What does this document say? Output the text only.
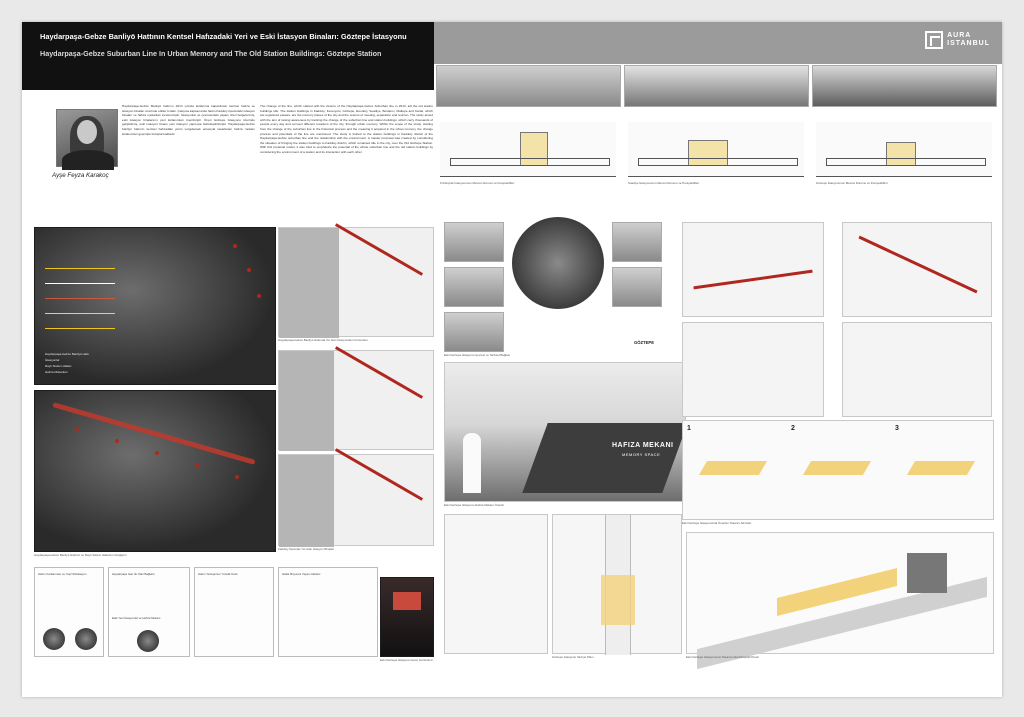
Haydarpaşa-Gebze Banliyö Hattının Kentsel Hafızadaki Yeri ve Eski İstasyon Binaları: Göztepe İstasyonu
Haydarpaşa-Gebze Suburban Line In Urban Memory and The Old Station Buildings: Göztepe Station
AURA
ISTANBUL
Ayşe Feyza Karakoç
Haydarpaşa-Gebze Banliyö hattının 2013 yılında kullanıma kapatılması kentsel hafıza ve istasyon binaları üzerinde etkiler bıraktı. Çalışma kapsamında hattın Kadıköy ilçesindeki istasyon binaları ve hafıza mekanları incelenmiştir. İstasyonlar ve çevresindeki yaşam izleri belgelenmiş, eski istasyon binalarının yeni kullanımları önerilmiştir. Öneri Göztepe İstasyonu üzerinde geliştirilmiş, eski istasyon binası yeni istasyon yapısıyla bütünleştirilmiştir. Haydarpaşa-Gebze banliyö hattının kentsel hafızadaki yerini vurgulamak amacıyla tasarlanan hafıza mekanı kullanıcıları geçmişle buluşturmaktadır.
The change of the line, which started with the closure of the Haydarpaşa-Gebze Suburban line in 2013, left the old station buildings idle. The station buildings in Kadıköy, Feneryolu, Göztepe, Erenköy, Suadiye, Bostancı, Maltepe and Kartal, which are registered estates, are the memory places of the city and the scenes of meeting, separation and reunion. The study aimed with the aim of raising awareness by tracking the change of the suburban line and station buildings, which carry thousands of people every day and connect different locations of the city, through urban memory. Within the scope of the study, starting from the change of the suburban line in the historical process and the meaning it acquired in the urban memory, the change process and potentials of the line are mentioned. The study is limited to the station buildings in Kadıköy district of the Haydarpaşa-Gebze suburban line and the relationship with the environment. A master proposal was created by considering the situation of bringing the station buildings to Kadıköy district, which remained idle in the city, over the Old Göztepe Station. With this proposal model, it was tried to emphasize the potential of the whole suburban line and the old station buildings by considering the environment of a station and its interaction with each other.
Kızıltoprak İstasyonunun Mevcut Durumu ve Perspektifleri	Suadiye İstasyonunun Mevcut Durumu ve Perspektifleri	Göztepe İstasyonunun Mevcut Durumu ve Perspektifleri
Haydarpaşa-Gebze Banliyö Hattı
İstasyonlar
Raylı Sistem Hatları
Hafıza Mekanları
Haydarpaşa-Gebze Banliyö Hattının ve Raylı Sistem Hatlarının Değişimi
Haydarpaşa-Gebze Banliyö Hattında Yer Alan İstasyonların Konumları
Kadıköy İlçesinde Yer Alan İstasyon Binaları
Hattın Canlanması ve Yeşil Sirkülasyon	Haydarpaşa Garı İle Olan Bağlantı
Eski-Yeni İstasyonlar ve Hafıza Mekanı
Hattın Yerleşimine Yönelik Kesit	Hatlar Boyunca Yaşam Alanları
Eski Göztepe İstasyonu Gece Görünümü
GÖZTEPE
Eski Göztepe İstasyonu Çevresi ve Tarihsel Bağlam
HAFIZA MEKANI
MEMORY SPACE
Eski Göztepe İstasyonu Hafıza Mekanı Önerisi
1	2	3
Eski Göztepe İstasyonunda Önerilen Tasarım Adımları
Göztepe İstasyonu Vaziyet Planı	Eski Göztepe İstasyonunun Tasarımında Perspektif Kesit
